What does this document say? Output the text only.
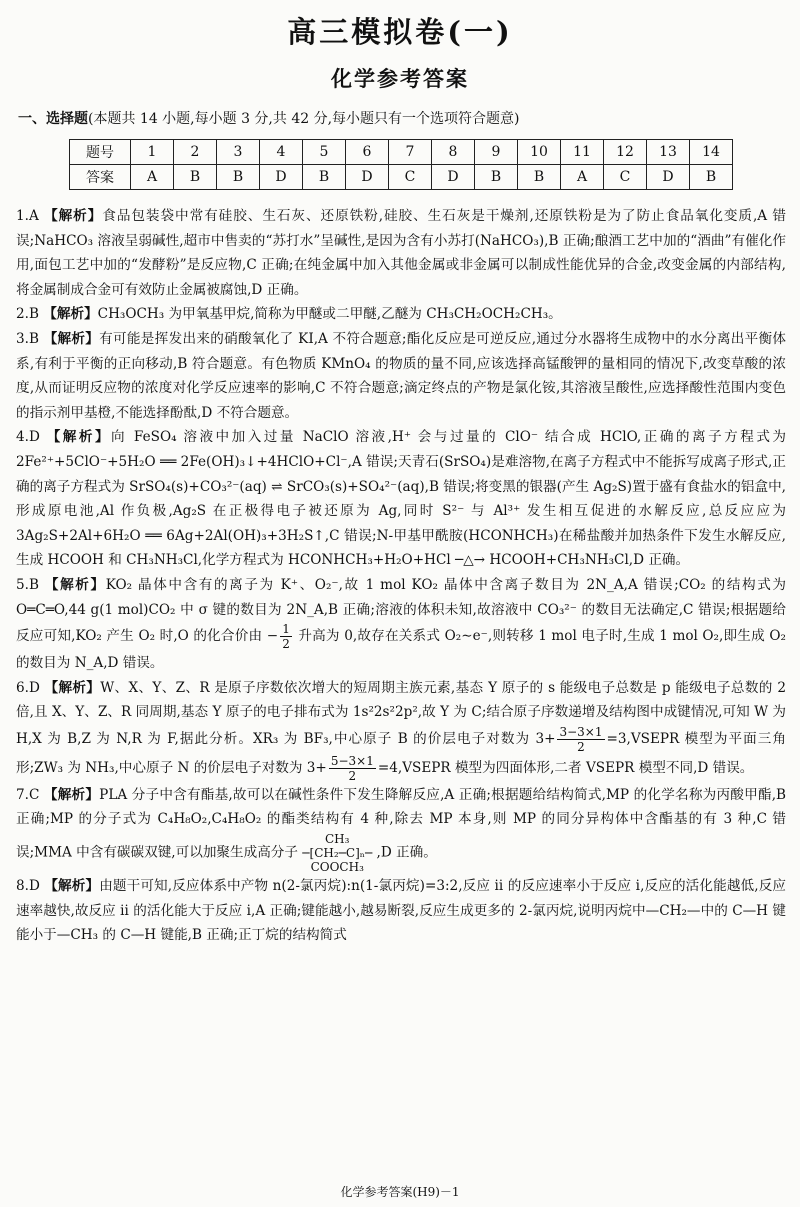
高三模拟卷(一)
化学参考答案
一、选择题(本题共 14 小题,每小题 3 分,共 42 分,每小题只有一个选项符合题意)
题号	1	2	3	4	5	6	7	8	9	10	11	12	13	14
答案	A	B	B	D	B	D	C	D	B	B	A	C	D	B

1.A 【解析】食品包装袋中常有硅胶、生石灰、还原铁粉,硅胶、生石灰是干燥剂,还原铁粉是为了防止食品氧化变质,A 错误;NaHCO₃ 溶液呈弱碱性,超市中售卖的“苏打水”呈碱性,是因为含有小苏打(NaHCO₃),B 正确;酿酒工艺中加的“酒曲”有催化作用,面包工艺中加的“发酵粉”是反应物,C 正确;在纯金属中加入其他金属或非金属可以制成性能优异的合金,改变金属的内部结构,将金属制成合金可有效防止金属被腐蚀,D 正确。

2.B 【解析】CH₃OCH₃ 为甲氧基甲烷,简称为甲醚或二甲醚,乙醚为 CH₃CH₂OCH₂CH₃。

3.B 【解析】有可能是挥发出来的硝酸氧化了 KI,A 不符合题意;酯化反应是可逆反应,通过分水器将生成物中的水分离出平衡体系,有利于平衡的正向移动,B 符合题意。有色物质 KMnO₄ 的物质的量不同,应该选择高锰酸钾的量相同的情况下,改变草酸的浓度,从而证明反应物的浓度对化学反应速率的影响,C 不符合题意;滴定终点的产物是氯化铵,其溶液呈酸性,应选择酸性范围内变色的指示剂甲基橙,不能选择酚酞,D 不符合题意。

4.D 【解析】向 FeSO₄ 溶液中加入过量 NaClO 溶液,H⁺ 会与过量的 ClO⁻ 结合成 HClO,正确的离子方程式为 2Fe²⁺+5ClO⁻+5H₂O ══ 2Fe(OH)₃↓+4HClO+Cl⁻,A 错误;天青石(SrSO₄)是难溶物,在离子方程式中不能拆写成离子形式,正确的离子方程式为 SrSO₄(s)+CO₃²⁻(aq) ⇌ SrCO₃(s)+SO₄²⁻(aq),B 错误;将变黑的银器(产生 Ag₂S)置于盛有食盐水的铝盒中,形成原电池,Al 作负极,Ag₂S 在正极得电子被还原为 Ag,同时 S²⁻ 与 Al³⁺ 发生相互促进的水解反应,总反应应为 3Ag₂S+2Al+6H₂O ══ 6Ag+2Al(OH)₃+3H₂S↑,C 错误;N-甲基甲酰胺(HCONHCH₃)在稀盐酸并加热条件下发生水解反应,生成 HCOOH 和 CH₃NH₃Cl,化学方程式为 HCONHCH₃+H₂O+HCl ─△→ HCOOH+CH₃NH₃Cl,D 正确。

5.B 【解析】KO₂ 晶体中含有的离子为 K⁺、O₂⁻,故 1 mol KO₂ 晶体中含离子数目为 2N_A,A 错误;CO₂ 的结构式为 O═C═O,44 g(1 mol)CO₂ 中 σ 键的数目为 2N_A,B 正确;溶液的体积未知,故溶液中 CO₃²⁻ 的数目无法确定,C 错误;根据题给反应可知,KO₂ 产生 O₂ 时,O 的化合价由 − $\frac{1}{2}$ 升高为 0,故存在关系式 O₂∼e⁻,则转移 1 mol 电子时,生成 1 mol O₂,即生成 O₂ 的数目为 N_A,D 错误。

6.D 【解析】W、X、Y、Z、R 是原子序数依次增大的短周期主族元素,基态 Y 原子的 s 能级电子总数是 p 能级电子总数的 2 倍,且 X、Y、Z、R 同周期,基态 Y 原子的电子排布式为 1s²2s²2p²,故 Y 为 C;结合原子序数递增及结构图中成键情况,可知 W 为 H,X 为 B,Z 为 N,R 为 F,据此分析。XR₃ 为 BF₃,中心原子 B 的价层电子对数为 $3+ \frac{3-3\times 1}{2}$ =3,VSEPR 模型为平面三角形;ZW₃ 为 NH₃,中心原子 N 的价层电子对数为 $3+ \frac{5-3\times 1}{2}$ =4,VSEPR 模型为四面体形,二者 VSEPR 模型不同,D 错误。

7.C 【解析】PLA 分子中含有酯基,故可以在碱性条件下发生降解反应,A 正确;根据题给结构简式,MP 的化学名称为丙酸甲酯,B 正确;MP 的分子式为 C₄H₈O₂,C₄H₈O₂ 的酯类结构有 4 种,除去 MP 本身,则 MP 的同分异构体中含酯基的有 3 种,C 错误;MMA 中含有碳碳双键,可以加聚生成高分子
CH₃
─[CH₂─C]ₙ─
COOCH₃
,D 正确。

8.D 【解析】由题干可知,反应体系中产物 n(2-氯丙烷):n(1-氯丙烷)=3:2,反应 ⅱ 的反应速率小于反应 ⅰ,反应的活化能越低,反应速率越快,故反应 ⅱ 的活化能大于反应 ⅰ,A 正确;键能越小,越易断裂,反应生成更多的 2-氯丙烷,说明丙烷中—CH₂—中的 C—H 键能小于—CH₃ 的 C—H 键能,B 正确;正丁烷的结构简式

化学参考答案(H9)－1
